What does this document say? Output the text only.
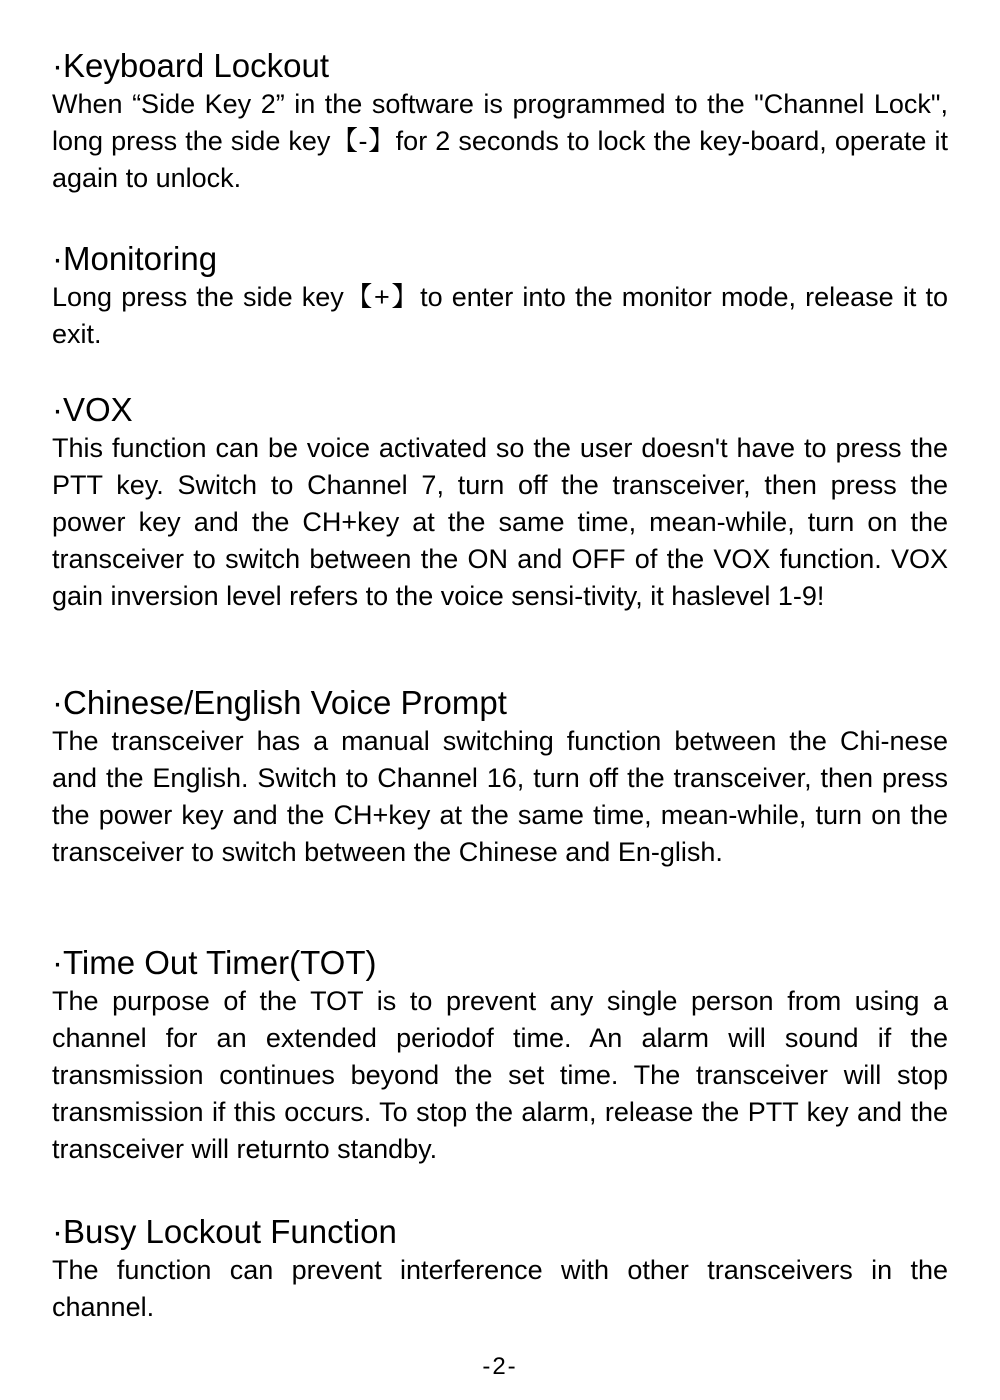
·Keyboard Lockout

When “Side Key 2” in the software is programmed to the "Channel Lock", long press the side key【-】for 2 seconds to lock the key-board, operate it again to unlock.

·Monitoring

Long press the side key【+】to enter into the monitor mode, release it to exit.

·VOX

This function can be voice activated so the user doesn't have to press the PTT key. Switch to Channel 7, turn off the transceiver, then press the power key and the CH+key at the same time, mean-while, turn on the transceiver to switch between the ON and OFF of the VOX function. VOX gain inversion level refers to the voice sensi-tivity, it haslevel 1-9!

·Chinese/English Voice Prompt

The transceiver has a manual switching function between the Chi-nese and the English. Switch to Channel 16, turn off the transceiver, then press the power key and the CH+key at the same time, mean-while, turn on the transceiver to switch between the Chinese and En-glish.

·Time Out Timer(TOT)

The purpose of the TOT is to prevent any single person from using a channel for an extended periodof time. An alarm will sound if the transmission continues beyond the set time. The transceiver will stop transmission if this occurs. To stop the alarm, release the PTT key and the transceiver will returnto standby.

·Busy Lockout Function

The function can prevent interference with other transceivers in the channel.

-2-
